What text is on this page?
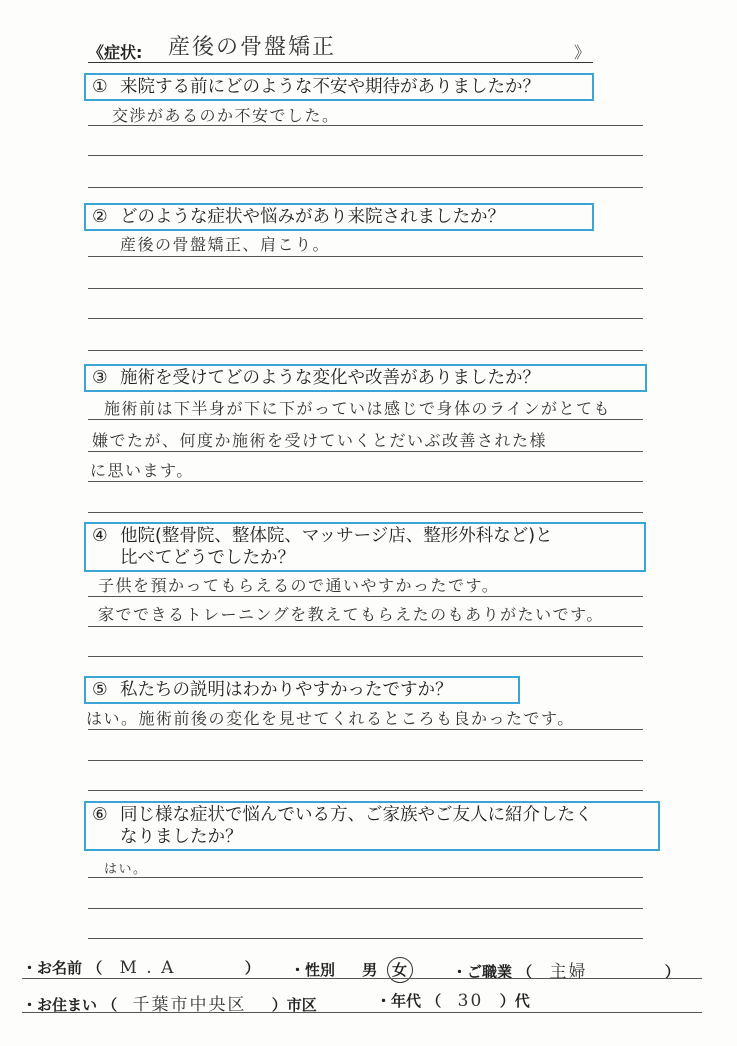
《症状: 産後の骨盤矯正	》
① 来院する前にどのような不安や期待がありましたか？
交渉があるのか不安でした。
② どのような症状や悩みがあり来院されましたか？
産後の骨盤矯正、肩こり。
③ 施術を受けてどのような変化や改善がありましたか？
施術前は下半身が下に下がっていは感じで身体のラインがとても
嫌でたが、何度か施術を受けていくとだいぶ改善された様
に思います。
④ 他院(整骨院、整体院、マッサージ店、整形外科など)と
比べてどうでしたか？
子供を預かってもらえるので通いやすかったです。
家でできるトレーニングを教えてもらえたのもありがたいです。
⑤ 私たちの説明はわかりやすかったですか？
はい。施術前後の変化を見せてくれるところも良かったです。
⑥ 同じ様な症状で悩んでいる方、ご家族やご友人に紹介したく
なりましたか？
はい。
・お名前 （ M . A	） ・性別 男 女	・ご職業 （ 主婦	）
・お住まい （ 千葉市中央区 ）市区	・年代 （ 30 ）代
